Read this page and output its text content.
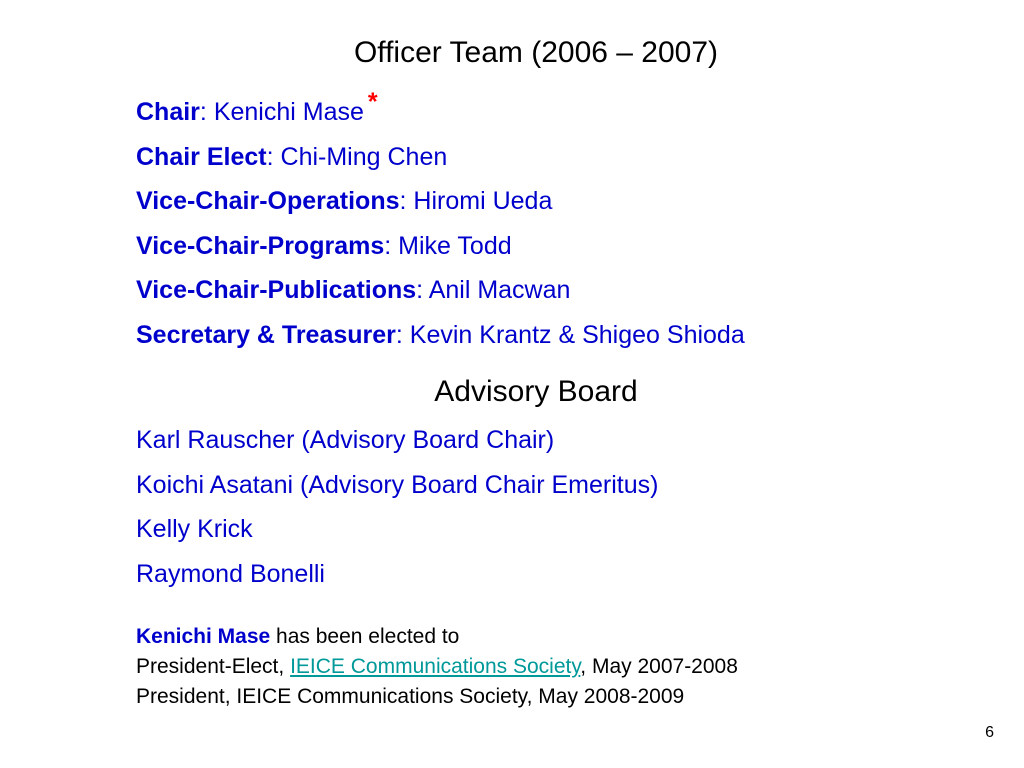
Officer Team (2006 – 2007)
Chair: Kenichi Mase *
Chair Elect: Chi-Ming Chen
Vice-Chair-Operations: Hiromi Ueda
Vice-Chair-Programs: Mike Todd
Vice-Chair-Publications: Anil Macwan
Secretary & Treasurer: Kevin Krantz & Shigeo Shioda
Advisory Board
Karl Rauscher (Advisory Board Chair)
Koichi Asatani (Advisory Board Chair Emeritus)
Kelly Krick
Raymond Bonelli
Kenichi Mase has been elected to
President-Elect, IEICE Communications Society, May 2007-2008
President, IEICE Communications Society, May 2008-2009
6
